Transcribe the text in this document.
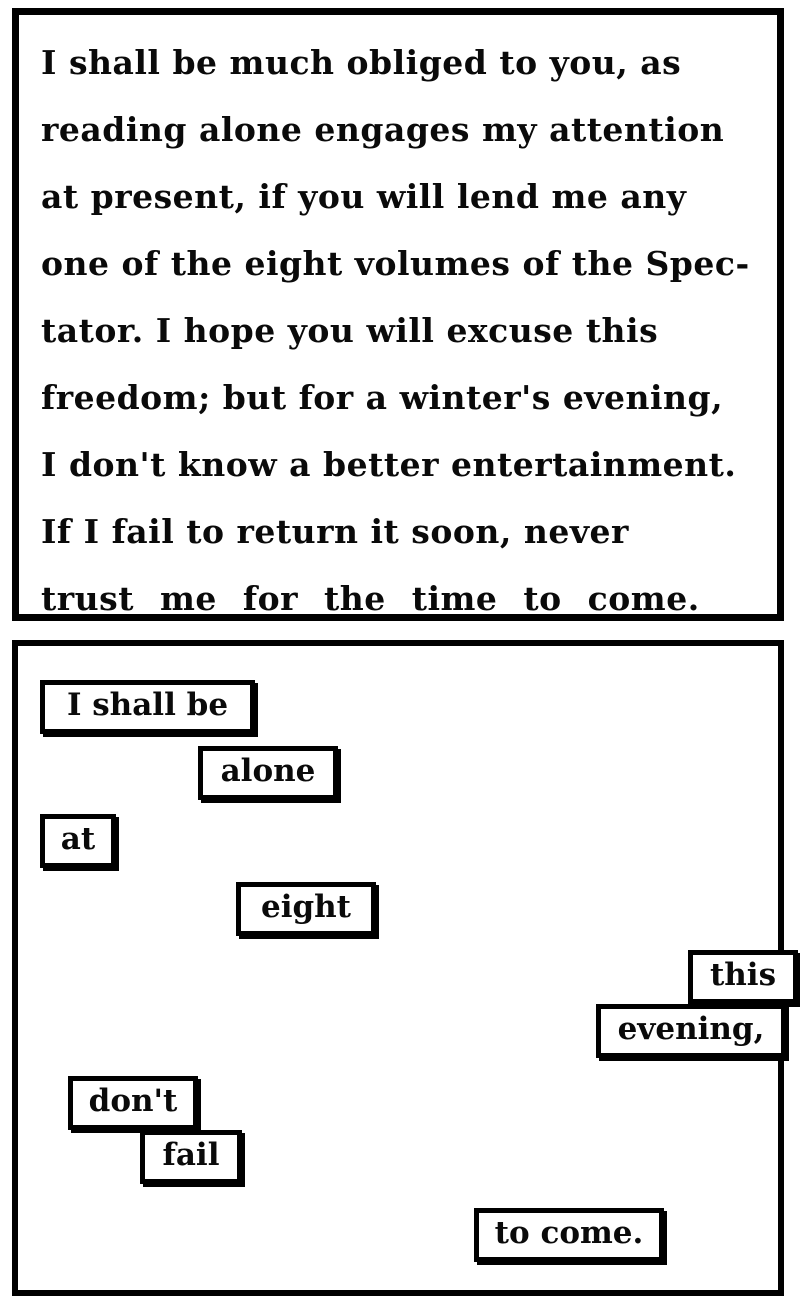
I shall be much obliged to you, as
reading alone engages my attention
at present, if you will lend me any
one of the eight volumes of the Spec-
tator. I hope you will excuse this
freedom; but for a winter's evening,
I don't know a better entertainment.
If I fail to return it soon, never
trust me for the time to come.
I shall be
alone
at
eight
this
evening,
don't
fail
to come.
